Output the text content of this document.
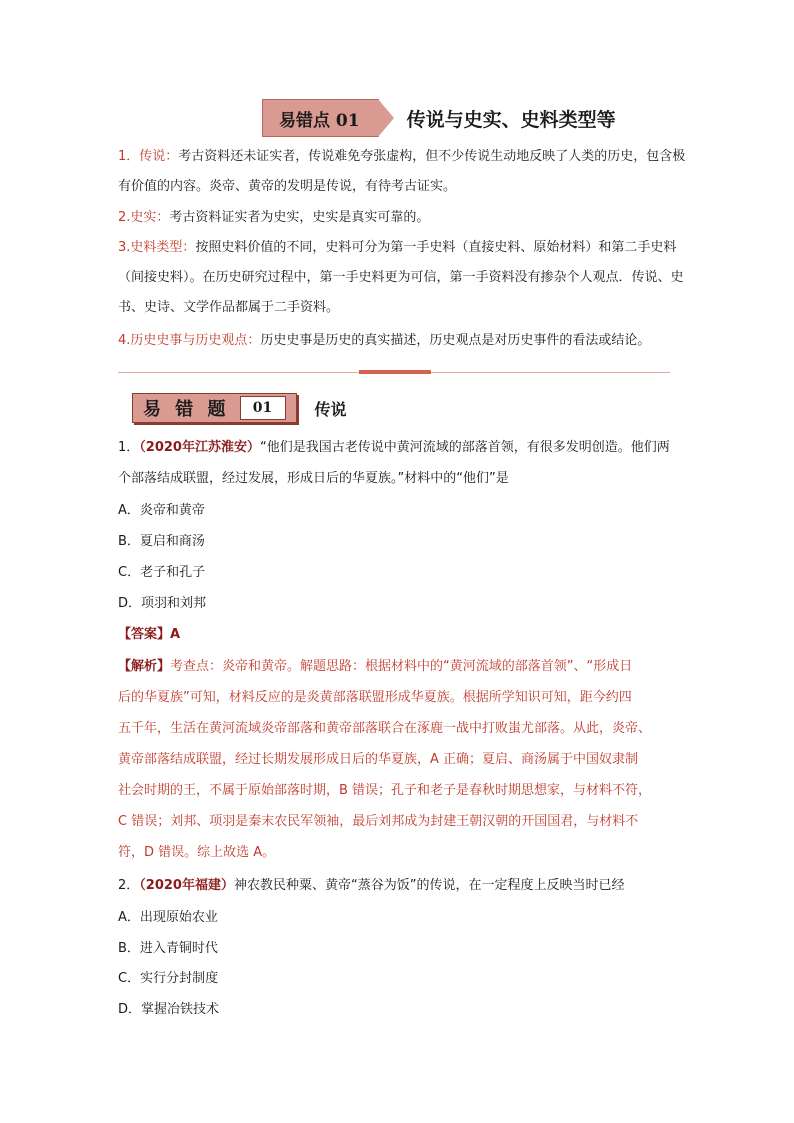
易错点 01 传说与史实、史料类型等
1．传说：考古资料还未证实者，传说难免夸张虚构，但不少传说生动地反映了人类的历史，包含极有价值的内容。炎帝、黄帝的发明是传说，有待考古证实。
2.史实：考古资料证实者为史实，史实是真实可靠的。
3.史料类型：按照史料价值的不同，史料可分为第一手史料（直接史料、原始材料）和第二手史料（间接史料）。在历史研究过程中，第一手史料更为可信，第一手资料没有掺杂个人观点．传说、史书、史诗、文学作品都属于二手资料。
4.历史史事与历史观点：历史史事是历史的真实描述，历史观点是对历史事件的看法或结论。
易 错 题	01	传说
1．（2020年江苏淮安）“他们是我国古老传说中黄河流域的部落首领，有很多发明创造。他们两个部落结成联盟，经过发展，形成日后的华夏族。”材料中的“他们”是
A．炎帝和黄帝
B．夏启和商汤
C．老子和孔子
D．项羽和刘邦
【答案】A
【解析】考查点：炎帝和黄帝。解题思路：根据材料中的“黄河流域的部落首领”、“形成日
后的华夏族”可知，材料反应的是炎黄部落联盟形成华夏族。根据所学知识可知，距今约四
五千年，生活在黄河流域炎帝部落和黄帝部落联合在涿鹿一战中打败蚩尤部落。从此，炎帝、
黄帝部落结成联盟，经过长期发展形成日后的华夏族，A 正确；夏启、商汤属于中国奴隶制
社会时期的王，不属于原始部落时期，B 错误；孔子和老子是春秋时期思想家，与材料不符，
C 错误；刘邦、项羽是秦末农民军领袖，最后刘邦成为封建王朝汉朝的开国国君，与材料不
符，D 错误。综上故选 A。
2．（2020年福建）神农教民种粟、黄帝“蒸谷为饭”的传说，在一定程度上反映当时已经
A．出现原始农业
B．进入青铜时代
C．实行分封制度
D．掌握冶铁技术
